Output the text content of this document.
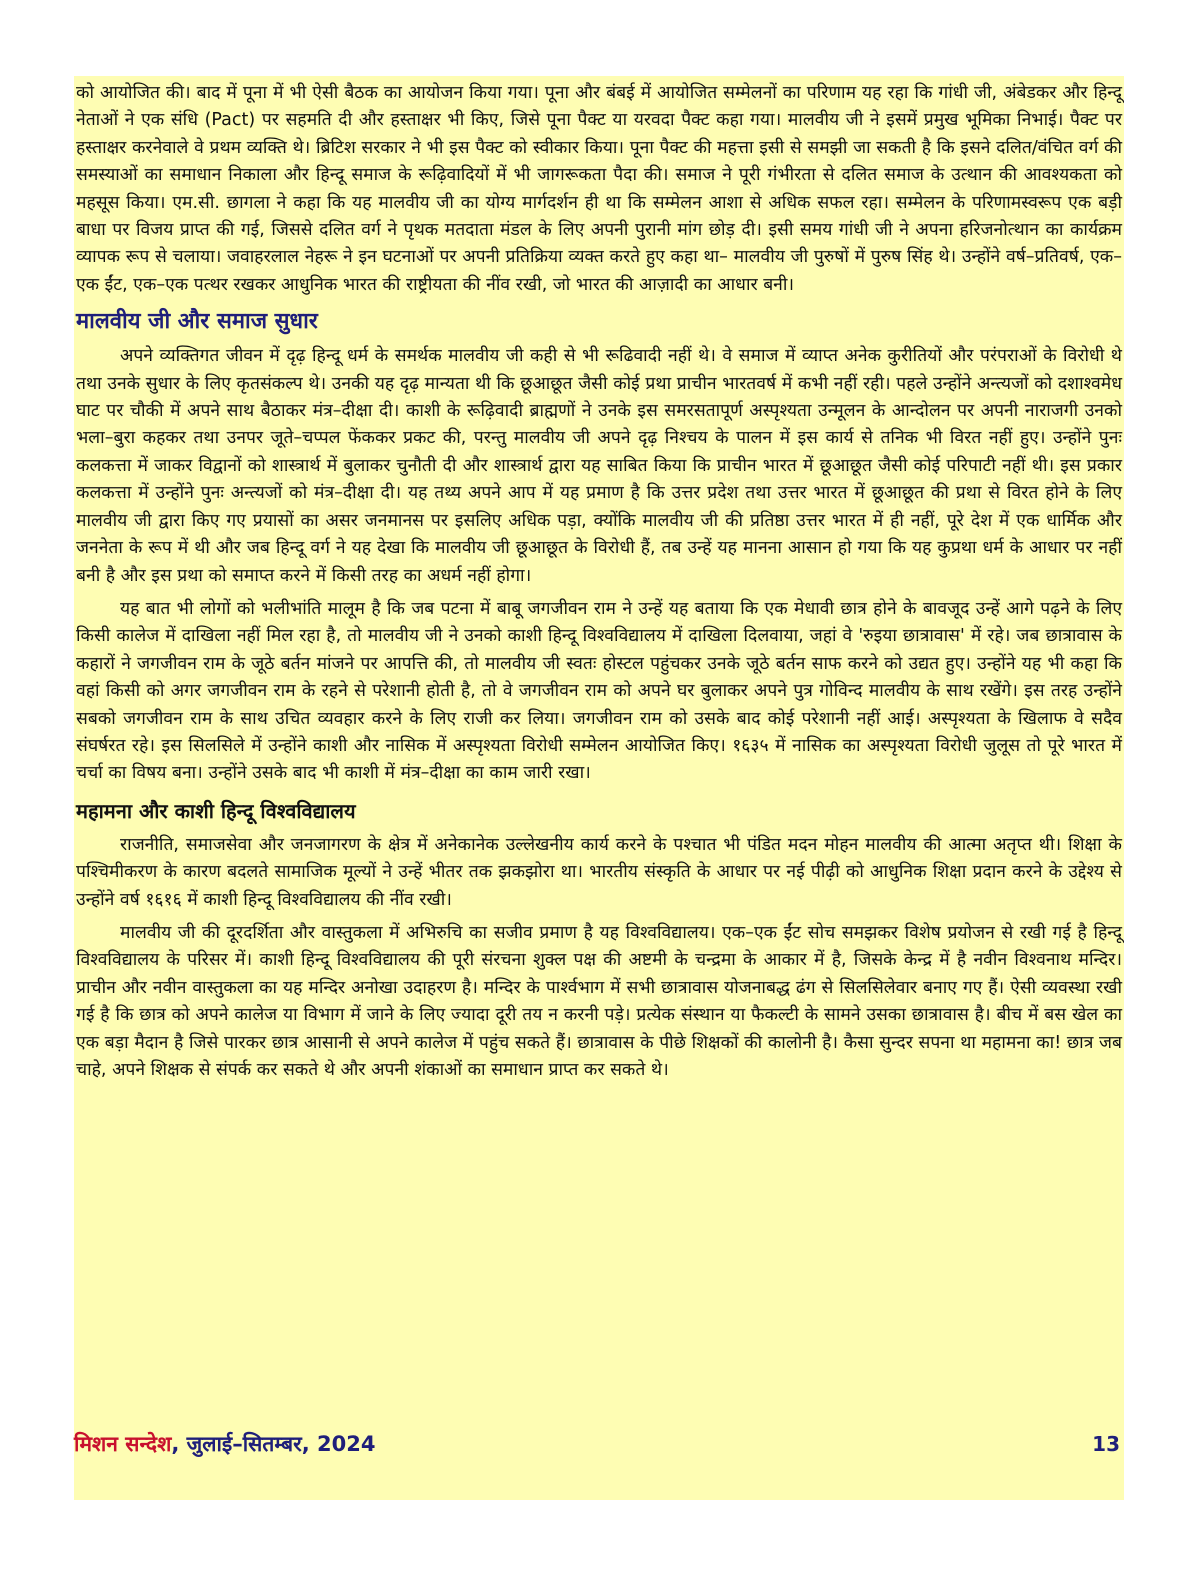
को आयोजित की। बाद में पूना में भी ऐसी बैठक का आयोजन किया गया। पूना और बंबई में आयोजित सम्मेलनों का परिणाम यह रहा कि गांधी जी, अंबेडकर और हिन्दू नेताओं ने एक संधि (Pact) पर सहमति दी और हस्ताक्षर भी किए, जिसे पूना पैक्ट या यरवदा पैक्ट कहा गया। मालवीय जी ने इसमें प्रमुख भूमिका निभाई। पैक्ट पर हस्ताक्षर करनेवाले वे प्रथम व्यक्ति थे। ब्रिटिश सरकार ने भी इस पैक्ट को स्वीकार किया। पूना पैक्ट की महत्ता इसी से समझी जा सकती है कि इसने दलित/वंचित वर्ग की समस्याओं का समाधान निकाला और हिन्दू समाज के रूढ़िवादियों में भी जागरूकता पैदा की। समाज ने पूरी गंभीरता से दलित समाज के उत्थान की आवश्यकता को महसूस किया। एम.सी. छागला ने कहा कि यह मालवीय जी का योग्य मार्गदर्शन ही था कि सम्मेलन आशा से अधिक सफल रहा। सम्मेलन के परिणामस्वरूप एक बड़ी बाधा पर विजय प्राप्त की गई, जिससे दलित वर्ग ने पृथक मतदाता मंडल के लिए अपनी पुरानी मांग छोड़ दी। इसी समय गांधी जी ने अपना हरिजनोत्थान का कार्यक्रम व्यापक रूप से चलाया। जवाहरलाल नेहरू ने इन घटनाओं पर अपनी प्रतिक्रिया व्यक्त करते हुए कहा था– मालवीय जी पुरुषों में पुरुष सिंह थे। उन्होंने वर्ष–प्रतिवर्ष, एक–एक ईंट, एक–एक पत्थर रखकर आधुनिक भारत की राष्ट्रीयता की नींव रखी, जो भारत की आज़ादी का आधार बनी।

मालवीय जी और समाज सुधार

अपने व्यक्तिगत जीवन में दृढ़ हिन्दू धर्म के समर्थक मालवीय जी कही से भी रूढिवादी नहीं थे। वे समाज में व्याप्त अनेक कुरीतियों और परंपराओं के विरोधी थे तथा उनके सुधार के लिए कृतसंकल्प थे। उनकी यह दृढ़ मान्यता थी कि छूआछूत जैसी कोई प्रथा प्राचीन भारतवर्ष में कभी नहीं रही। पहले उन्होंने अन्त्यजों को दशाश्वमेध घाट पर चौकी में अपने साथ बैठाकर मंत्र–दीक्षा दी। काशी के रूढ़िवादी ब्राह्मणों ने उनके इस समरसतापूर्ण अस्पृश्यता उन्मूलन के आन्दोलन पर अपनी नाराजगी उनको भला–बुरा कहकर तथा उनपर जूते–चप्पल फेंककर प्रकट की, परन्तु मालवीय जी अपने दृढ़ निश्चय के पालन में इस कार्य से तनिक भी विरत नहीं हुए। उन्होंने पुनः कलकत्ता में जाकर विद्वानों को शास्त्रार्थ में बुलाकर चुनौती दी और शास्त्रार्थ द्वारा यह साबित किया कि प्राचीन भारत में छूआछूत जैसी कोई परिपाटी नहीं थी। इस प्रकार कलकत्ता में उन्होंने पुनः अन्त्यजों को मंत्र–दीक्षा दी। यह तथ्य अपने आप में यह प्रमाण है कि उत्तर प्रदेश तथा उत्तर भारत में छूआछूत की प्रथा से विरत होने के लिए मालवीय जी द्वारा किए गए प्रयासों का असर जनमानस पर इसलिए अधिक पड़ा, क्योंकि मालवीय जी की प्रतिष्ठा उत्तर भारत में ही नहीं, पूरे देश में एक धार्मिक और जननेता के रूप में थी और जब हिन्दू वर्ग ने यह देखा कि मालवीय जी छूआछूत के विरोधी हैं, तब उन्हें यह मानना आसान हो गया कि यह कुप्रथा धर्म के आधार पर नहीं बनी है और इस प्रथा को समाप्त करने में किसी तरह का अधर्म नहीं होगा।

यह बात भी लोगों को भलीभांति मालूम है कि जब पटना में बाबू जगजीवन राम ने उन्हें यह बताया कि एक मेधावी छात्र होने के बावजूद उन्हें आगे पढ़ने के लिए किसी कालेज में दाखिला नहीं मिल रहा है, तो मालवीय जी ने उनको काशी हिन्दू विश्वविद्यालय में दाखिला दिलवाया, जहां वे 'रुइया छात्रावास' में रहे। जब छात्रावास के कहारों ने जगजीवन राम के जूठे बर्तन मांजने पर आपत्ति की, तो मालवीय जी स्वतः होस्टल पहुंचकर उनके जूठे बर्तन साफ करने को उद्यत हुए। उन्होंने यह भी कहा कि वहां किसी को अगर जगजीवन राम के रहने से परेशानी होती है, तो वे जगजीवन राम को अपने घर बुलाकर अपने पुत्र गोविन्द मालवीय के साथ रखेंगे। इस तरह उन्होंने सबको जगजीवन राम के साथ उचित व्यवहार करने के लिए राजी कर लिया। जगजीवन राम को उसके बाद कोई परेशानी नहीं आई। अस्पृश्यता के खिलाफ वे सदैव संघर्षरत रहे। इस सिलसिले में उन्होंने काशी और नासिक में अस्पृश्यता विरोधी सम्मेलन आयोजित किए। १६३५ में नासिक का अस्पृश्यता विरोधी जुलूस तो पूरे भारत में चर्चा का विषय बना। उन्होंने उसके बाद भी काशी में मंत्र–दीक्षा का काम जारी रखा।

महामना और काशी हिन्दू विश्वविद्यालय

राजनीति, समाजसेवा और जनजागरण के क्षेत्र में अनेकानेक उल्लेखनीय कार्य करने के पश्चात भी पंडित मदन मोहन मालवीय की आत्मा अतृप्त थी। शिक्षा के पश्चिमीकरण के कारण बदलते सामाजिक मूल्यों ने उन्हें भीतर तक झकझोरा था। भारतीय संस्कृति के आधार पर नई पीढ़ी को आधुनिक शिक्षा प्रदान करने के उद्देश्य से उन्होंने वर्ष १६१६ में काशी हिन्दू विश्वविद्यालय की नींव रखी।

मालवीय जी की दूरदर्शिता और वास्तुकला में अभिरुचि का सजीव प्रमाण है यह विश्वविद्यालय। एक–एक ईंट सोच समझकर विशेष प्रयोजन से रखी गई है हिन्दू विश्वविद्यालय के परिसर में। काशी हिन्दू विश्वविद्यालय की पूरी संरचना शुक्ल पक्ष की अष्टमी के चन्द्रमा के आकार में है, जिसके केन्द्र में है नवीन विश्वनाथ मन्दिर। प्राचीन और नवीन वास्तुकला का यह मन्दिर अनोखा उदाहरण है। मन्दिर के पार्श्वभाग में सभी छात्रावास योजनाबद्ध ढंग से सिलसिलेवार बनाए गए हैं। ऐसी व्यवस्था रखी गई है कि छात्र को अपने कालेज या विभाग में जाने के लिए ज्यादा दूरी तय न करनी पड़े। प्रत्येक संस्थान या फैकल्टी के सामने उसका छात्रावास है। बीच में बस खेल का एक बड़ा मैदान है जिसे पारकर छात्र आसानी से अपने कालेज में पहुंच सकते हैं। छात्रावास के पीछे शिक्षकों की कालोनी है। कैसा सुन्दर सपना था महामना का! छात्र जब चाहे, अपने शिक्षक से संपर्क कर सकते थे और अपनी शंकाओं का समाधान प्राप्त कर सकते थे।

मिशन सन्देश, जुलाई–सितम्बर, 2024	13
